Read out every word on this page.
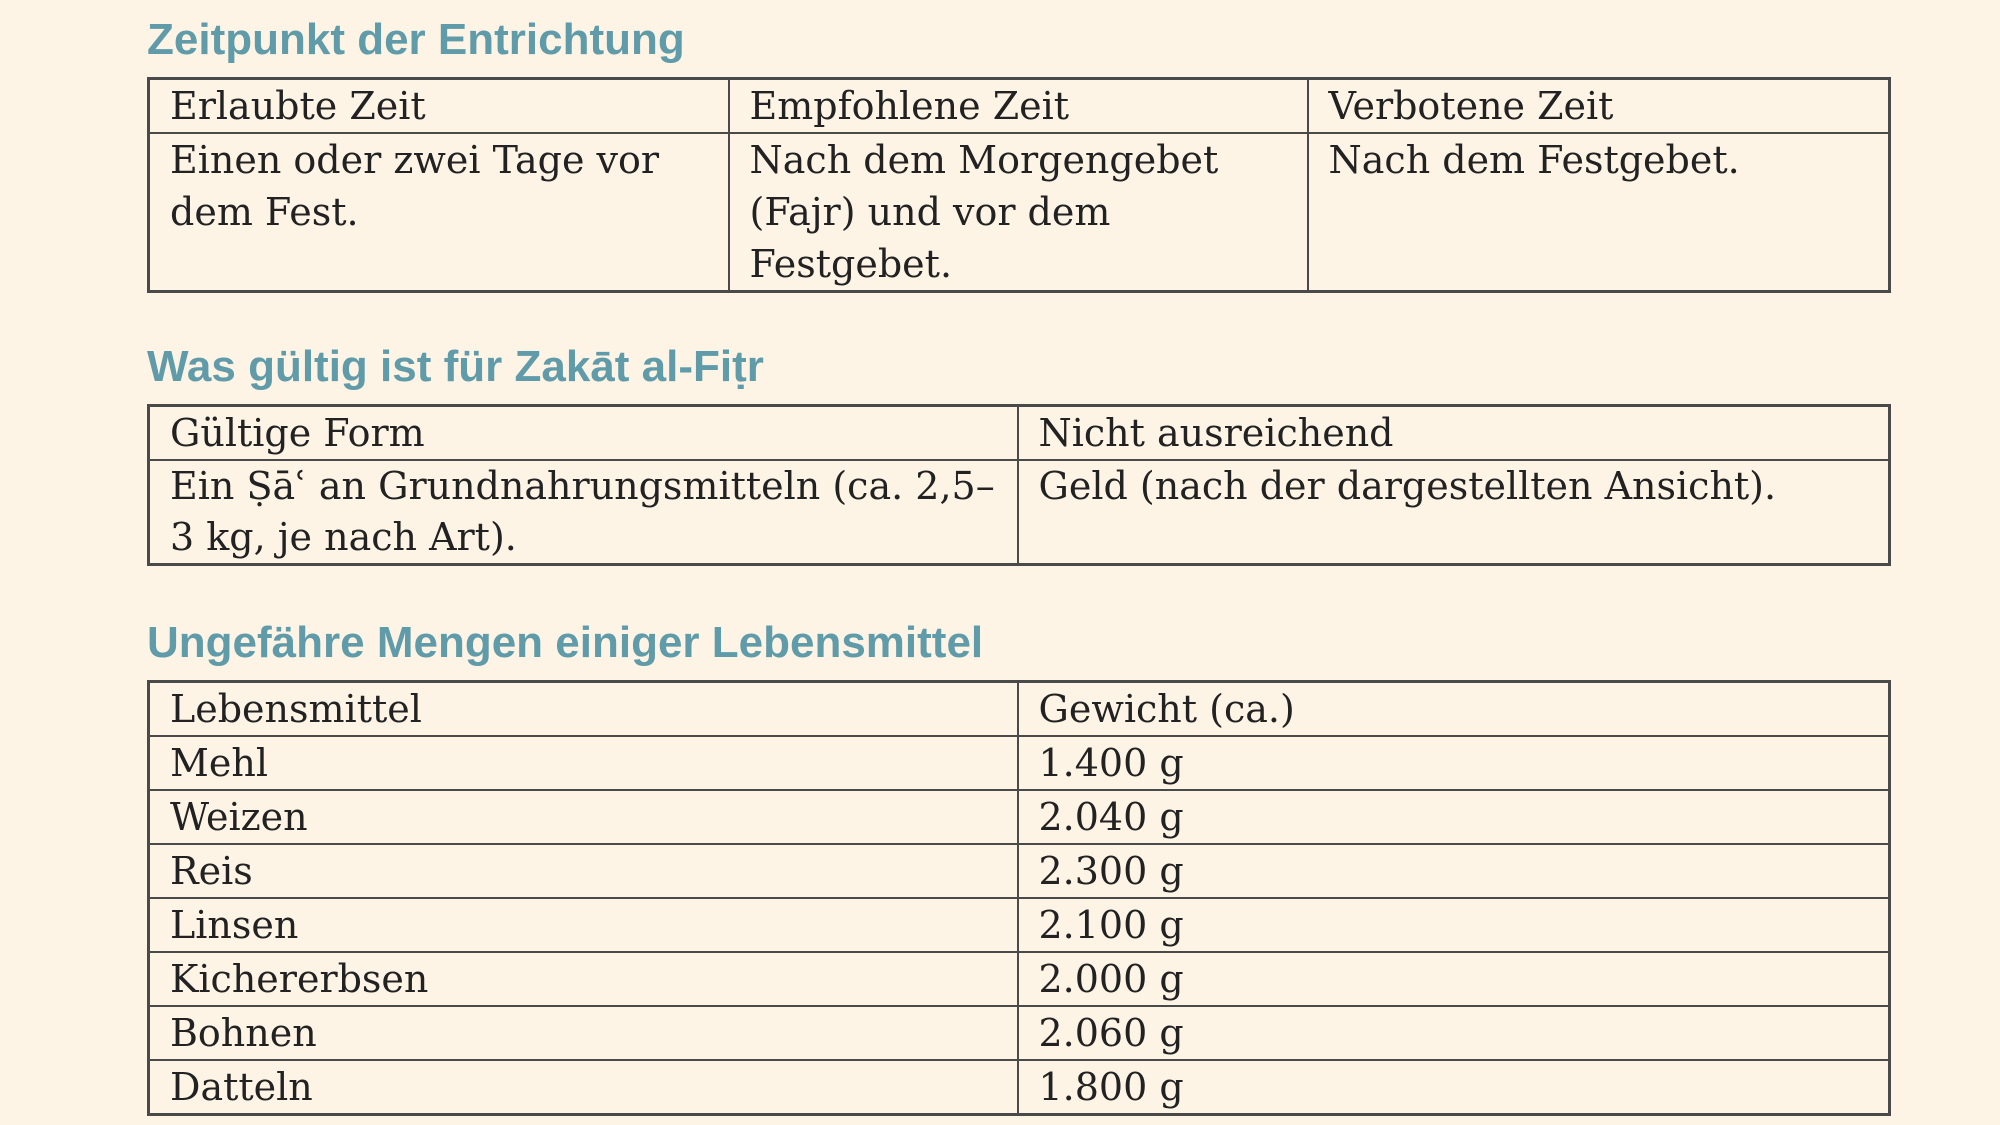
Zeitpunkt der Entrichtung
Erlaubte Zeit	Empfohlene Zeit	Verbotene Zeit
Einen oder zwei Tage vor dem Fest.	Nach dem Morgengebet (Fajr) und vor dem Festgebet.	Nach dem Festgebet.
Was gültig ist für Zakāt al-Fiṭr
Gültige Form	Nicht ausreichend
Ein Ṣāʿ an Grundnahrungsmitteln (ca. 2,5–3 kg, je nach Art).	Geld (nach der dargestellten Ansicht).
Ungefähre Mengen einiger Lebensmittel
Lebensmittel	Gewicht (ca.)
Mehl	1.400 g
Weizen	2.040 g
Reis	2.300 g
Linsen	2.100 g
Kichererbsen	2.000 g
Bohnen	2.060 g
Datteln	1.800 g
